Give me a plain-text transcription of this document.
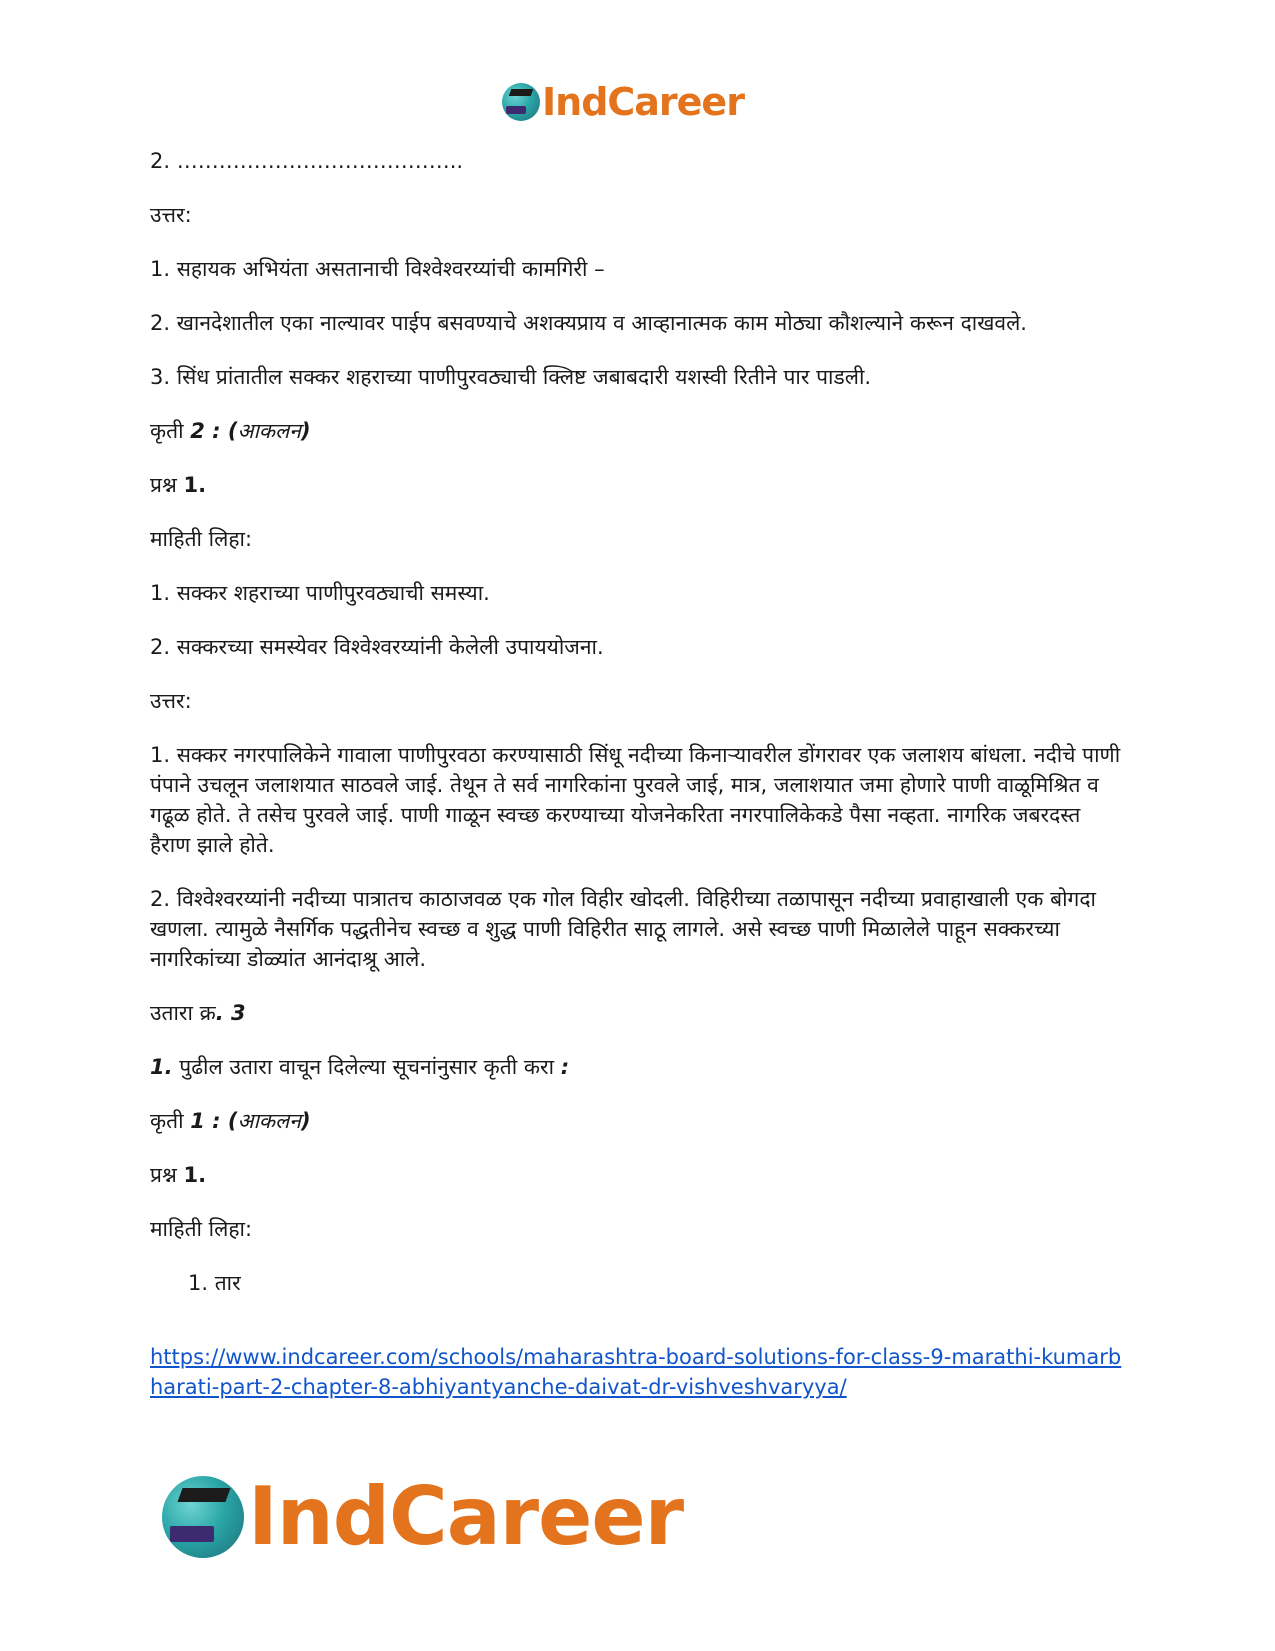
IndCareer
2. …………………………………..
उत्तर:
1. सहायक अभियंता असतानाची विश्वेश्वरय्यांची कामगिरी –
2. खानदेशातील एका नाल्यावर पाईप बसवण्याचे अशक्यप्राय व आव्हानात्मक काम मोठ्या कौशल्याने करून दाखवले.
3. सिंध प्रांतातील सक्कर शहराच्या पाणीपुरवठ्याची क्लिष्ट जबाबदारी यशस्वी रितीने पार पाडली.
कृती 2 : (आकलन)
प्रश्न 1.
माहिती लिहा:
1. सक्कर शहराच्या पाणीपुरवठ्याची समस्या.
2. सक्करच्या समस्येवर विश्वेश्वरय्यांनी केलेली उपाययोजना.
उत्तर:
1. सक्कर नगरपालिकेने गावाला पाणीपुरवठा करण्यासाठी सिंधू नदीच्या किनाऱ्यावरील डोंगरावर एक जलाशय बांधला. नदीचे पाणी पंपाने उचलून जलाशयात साठवले जाई. तेथून ते सर्व नागरिकांना पुरवले जाई, मात्र, जलाशयात जमा होणारे पाणी वाळूमिश्रित व गढूळ होते. ते तसेच पुरवले जाई. पाणी गाळून स्वच्छ करण्याच्या योजनेकरिता नगरपालिकेकडे पैसा नव्हता. नागरिक जबरदस्त हैराण झाले होते.
2. विश्वेश्वरय्यांनी नदीच्या पात्रातच काठाजवळ एक गोल विहीर खोदली. विहिरीच्या तळापासून नदीच्या प्रवाहाखाली एक बोगदा खणला. त्यामुळे नैसर्गिक पद्धतीनेच स्वच्छ व शुद्ध पाणी विहिरीत साठू लागले. असे स्वच्छ पाणी मिळालेले पाहून सक्करच्या नागरिकांच्या डोळ्यांत आनंदाश्रू आले.
उतारा क्र. 3
1. पुढील उतारा वाचून दिलेल्या सूचनांनुसार कृती करा :
कृती 1 : (आकलन)
प्रश्न 1.
माहिती लिहा:
1. तार
https://www.indcareer.com/schools/maharashtra-board-solutions-for-class-9-marathi-kumarbharati-part-2-chapter-8-abhiyantyanche-daivat-dr-vishveshvaryya/
IndCareer
